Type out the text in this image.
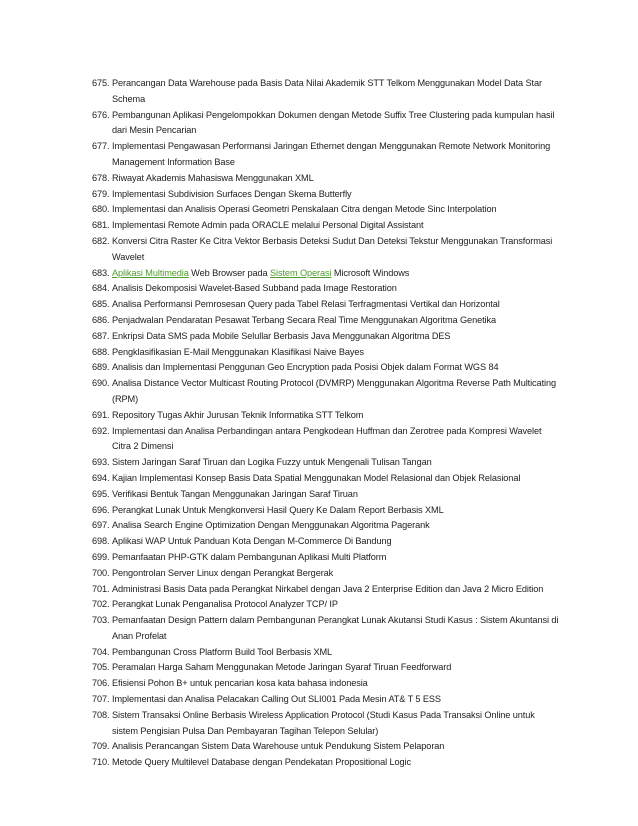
675. Perancangan Data Warehouse pada Basis Data Nilai Akademik STT Telkom Menggunakan Model Data Star Schema
676. Pembangunan Aplikasi Pengelompokkan Dokumen dengan Metode Suffix Tree Clustering pada kumpulan hasil dari Mesin Pencarian
677. Implementasi Pengawasan Performansi Jaringan Ethernet dengan Menggunakan Remote Network Monitoring Management Information Base
678. Riwayat Akademis Mahasiswa Menggunakan XML
679. Implementasi Subdivision Surfaces Dengan Skema Butterfly
680. Implementasi dan Analisis Operasi Geometri Penskalaan Citra dengan Metode Sinc Interpolation
681. Implementasi Remote Admin pada ORACLE melalui Personal Digital Assistant
682. Konversi Citra Raster Ke Citra Vektor Berbasis Deteksi Sudut Dan Deteksi Tekstur Menggunakan Transformasi Wavelet
683. Aplikasi Multimedia Web Browser pada Sistem Operasi Microsoft Windows
684. Analisis Dekomposisi Wavelet-Based Subband pada Image Restoration
685. Analisa Performansi Pemrosesan Query pada Tabel Relasi Terfragmentasi Vertikal dan Horizontal
686. Penjadwalan Pendaratan Pesawat Terbang Secara Real Time Menggunakan Algoritma Genetika
687. Enkripsi Data SMS pada Mobile Selullar Berbasis Java Menggunakan Algoritma DES
688. Pengklasifikasian E-Mail Menggunakan Klasifikasi Naive Bayes
689. Analisis dan Implementasi Penggunan Geo Encryption pada Posisi Objek dalam Format WGS 84
690. Analisa Distance Vector Multicast Routing Protocol (DVMRP) Menggunakan Algoritma Reverse Path Multicating (RPM)
691. Repository Tugas Akhir Jurusan Teknik Informatika STT Telkom
692. Implementasi dan Analisa Perbandingan antara Pengkodean Huffman dan Zerotree pada Kompresi Wavelet Citra 2 Dimensi
693. Sistem Jaringan Saraf Tiruan dan Logika Fuzzy untuk Mengenali Tulisan Tangan
694. Kajian Implementasi Konsep Basis Data Spatial Menggunakan Model Relasional dan Objek Relasional
695. Verifikasi Bentuk Tangan Menggunakan Jaringan Saraf Tiruan
696. Perangkat Lunak Untuk Mengkonversi Hasil Query Ke Dalam Report Berbasis XML
697. Analisa Search Engine Optimization Dengan Menggunakan Algoritma Pagerank
698. Aplikasi WAP Untuk Panduan Kota Dengan M-Commerce Di Bandung
699. Pemanfaatan PHP-GTK dalam Pembangunan Aplikasi Multi Platform
700. Pengontrolan Server Linux dengan Perangkat Bergerak
701. Administrasi Basis Data pada Perangkat Nirkabel dengan Java 2 Enterprise Edition dan Java 2 Micro Edition
702. Perangkat Lunak Penganalisa Protocol Analyzer TCP/ IP
703. Pemanfaatan Design Pattern dalam Pembangunan Perangkat Lunak Akutansi Studi Kasus : Sistem Akuntansi di Anan Profelat
704. Pembangunan Cross Platform Build Tool Berbasis XML
705. Peramalan Harga Saham Menggunakan Metode Jaringan Syaraf Tiruan Feedforward
706. Efisiensi Pohon B+ untuk pencarian kosa kata bahasa indonesia
707. Implementasi dan Analisa Pelacakan Calling Out SLI001 Pada Mesin AT& T 5 ESS
708. Sistem Transaksi Online Berbasis Wireless Application Protocol (Studi Kasus Pada Transaksi Online untuk sistem Pengisian Pulsa Dan Pembayaran Tagihan Telepon Selular)
709. Analisis Perancangan Sistem Data Warehouse untuk Pendukung Sistem Pelaporan
710. Metode Query Multilevel Database dengan Pendekatan Propositional Logic
